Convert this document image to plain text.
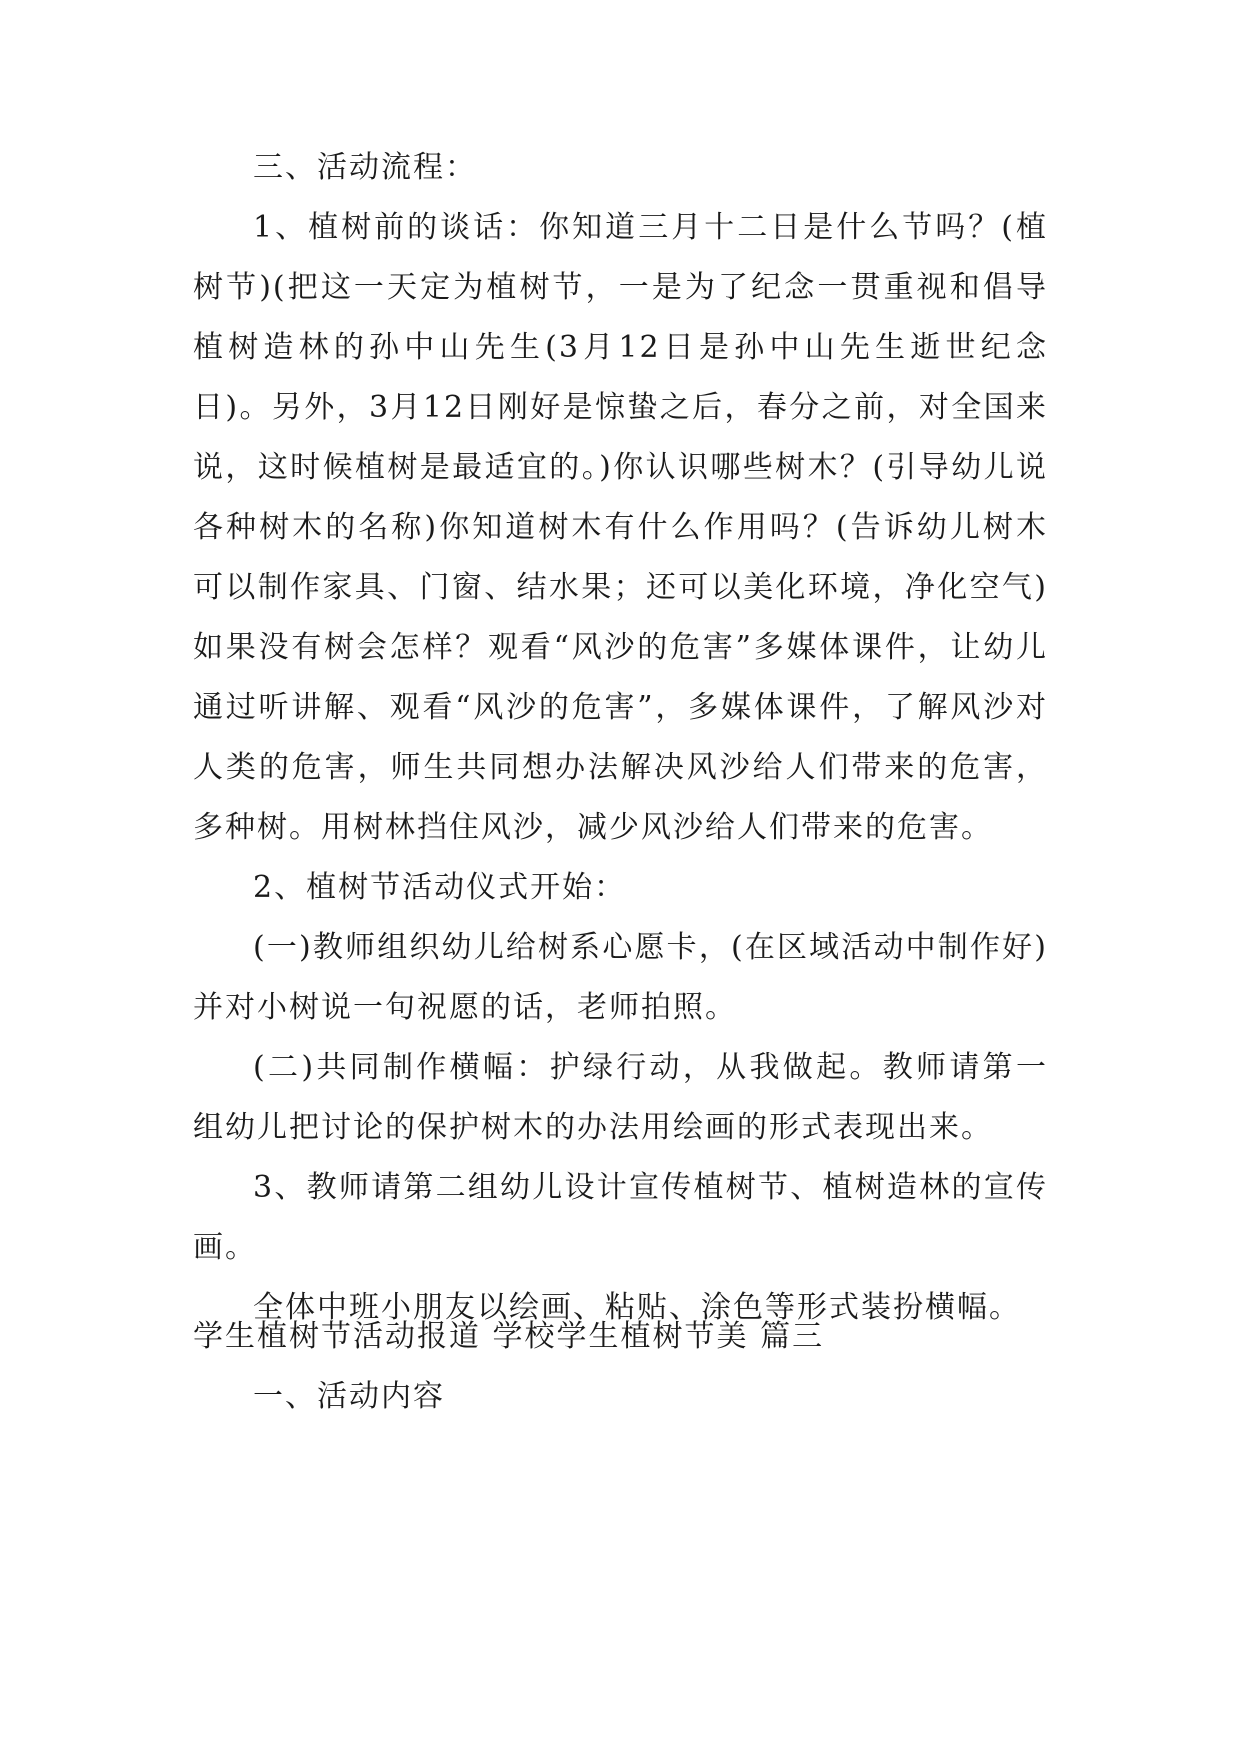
三、活动流程：

1、植树前的谈话：你知道三月十二日是什么节吗？(植树节)(把这一天定为植树节，一是为了纪念一贯重视和倡导植树造林的孙中山先生(3月12日是孙中山先生逝世纪念日)。另外，3月12日刚好是惊蛰之后，春分之前，对全国来说，这时候植树是最适宜的。)你认识哪些树木？(引导幼儿说各种树木的名称)你知道树木有什么作用吗？(告诉幼儿树木可以制作家具、门窗、结水果；还可以美化环境，净化空气)如果没有树会怎样？观看“风沙的危害”多媒体课件，让幼儿通过听讲解、观看“风沙的危害”，多媒体课件，了解风沙对人类的危害，师生共同想办法解决风沙给人们带来的危害，多种树。用树林挡住风沙，减少风沙给人们带来的危害。

2、植树节活动仪式开始：

(一)教师组织幼儿给树系心愿卡，(在区域活动中制作好)并对小树说一句祝愿的话，老师拍照。

(二)共同制作横幅：护绿行动，从我做起。教师请第一组幼儿把讨论的保护树木的办法用绘画的形式表现出来。

3、教师请第二组幼儿设计宣传植树节、植树造林的宣传画。

全体中班小朋友以绘画、粘贴、涂色等形式装扮横幅。

学生植树节活动报道 学校学生植树节美 篇三

一、活动内容
